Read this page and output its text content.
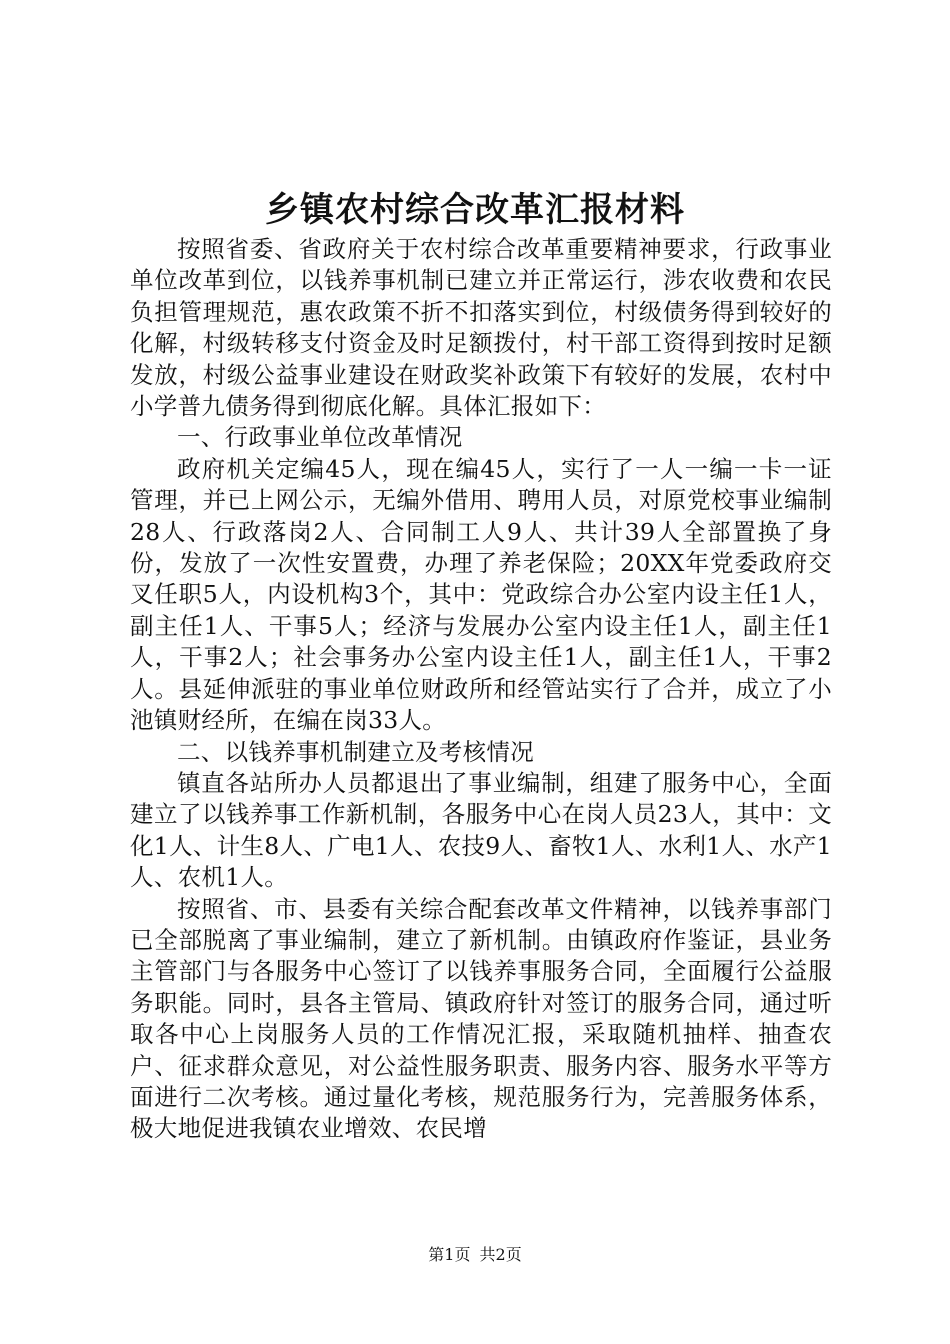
乡镇农村综合改革汇报材料

按照省委、省政府关于农村综合改革重要精神要求，行政事业单位改革到位，以钱养事机制已建立并正常运行，涉农收费和农民负担管理规范，惠农政策不折不扣落实到位，村级债务得到较好的化解，村级转移支付资金及时足额拨付，村干部工资得到按时足额发放，村级公益事业建设在财政奖补政策下有较好的发展，农村中小学普九债务得到彻底化解。具体汇报如下：

一、行政事业单位改革情况

政府机关定编45人，现在编45人，实行了一人一编一卡一证管理，并已上网公示，无编外借用、聘用人员，对原党校事业编制28人、行政落岗2人、合同制工人9人、共计39人全部置换了身份，发放了一次性安置费，办理了养老保险；20XX年党委政府交叉任职5人，内设机构3个，其中：党政综合办公室内设主任1人，副主任1人、干事5人；经济与发展办公室内设主任1人，副主任1人，干事2人；社会事务办公室内设主任1人，副主任1人，干事2人。县延伸派驻的事业单位财政所和经管站实行了合并，成立了小池镇财经所，在编在岗33人。

二、以钱养事机制建立及考核情况

镇直各站所办人员都退出了事业编制，组建了服务中心，全面建立了以钱养事工作新机制，各服务中心在岗人员23人，其中：文化1人、计生8人、广电1人、农技9人、畜牧1人、水利1人、水产1人、农机1人。

按照省、市、县委有关综合配套改革文件精神，以钱养事部门已全部脱离了事业编制，建立了新机制。由镇政府作鉴证，县业务主管部门与各服务中心签订了以钱养事服务合同，全面履行公益服务职能。同时，县各主管局、镇政府针对签订的服务合同，通过听取各中心上岗服务人员的工作情况汇报，采取随机抽样、抽查农户、征求群众意见，对公益性服务职责、服务内容、服务水平等方面进行二次考核。通过量化考核，规范服务行为，完善服务体系，极大地促进我镇农业增效、农民增

第1页 共2页
